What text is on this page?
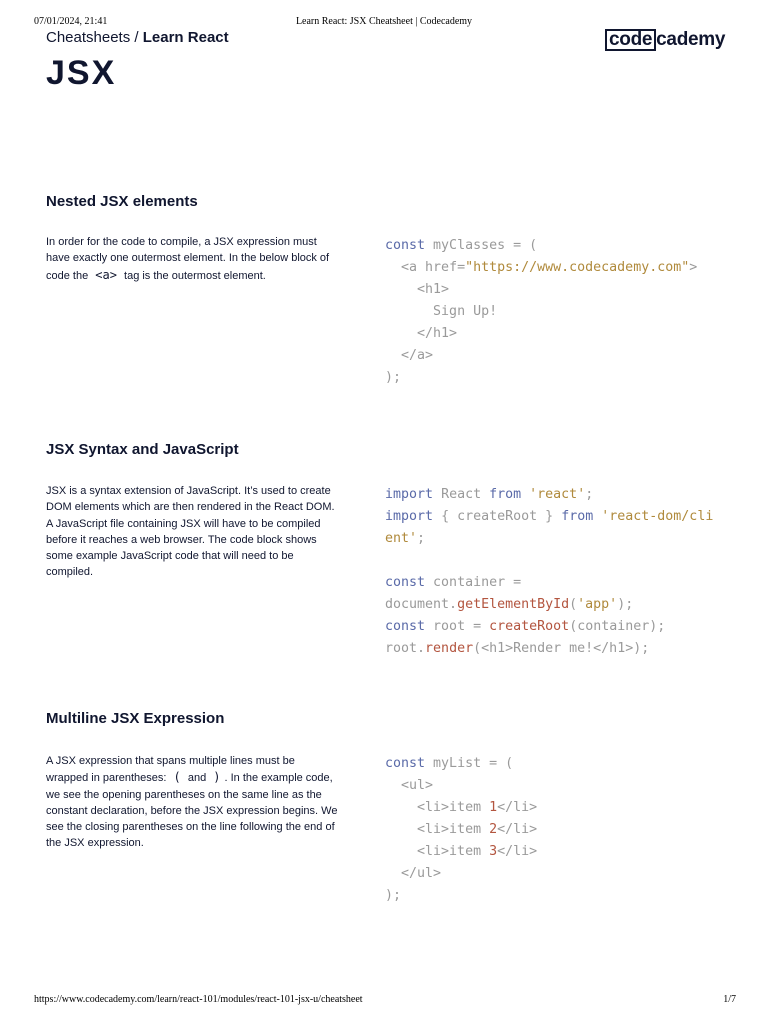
07/01/2024, 21:41	Learn React: JSX Cheatsheet | Codecademy
Cheatsheets / Learn React	code cademy
JSX
Nested JSX elements

In order for the code to compile, a JSX expression must have exactly one outermost element. In the below block of code the <a> tag is the outermost element.

const myClasses = (
<a href="https://www.codecademy.com">
<h1>
Sign Up!
</h1>
</a>
);
JSX Syntax and JavaScript

JSX is a syntax extension of JavaScript. It’s used to create DOM elements which are then rendered in the React DOM.

A JavaScript file containing JSX will have to be compiled before it reaches a web browser. The code block shows some example JavaScript code that will need to be compiled.

import React from 'react';
import { createRoot } from 'react-dom/client';

const container =
document.getElementById('app');
const root = createRoot(container);
root.render(<h1>Render me!</h1>);
Multiline JSX Expression

A JSX expression that spans multiple lines must be wrapped in parentheses: ( and ) . In the example code, we see the opening parentheses on the same line as the constant declaration, before the JSX expression begins. We see the closing parentheses on the line following the end of the JSX expression.

const myList = (
<ul>
<li>item 1</li>
<li>item 2</li>
<li>item 3</li>
</ul>
);
https://www.codecademy.com/learn/react-101/modules/react-101-jsx-u/cheatsheet	1/7
